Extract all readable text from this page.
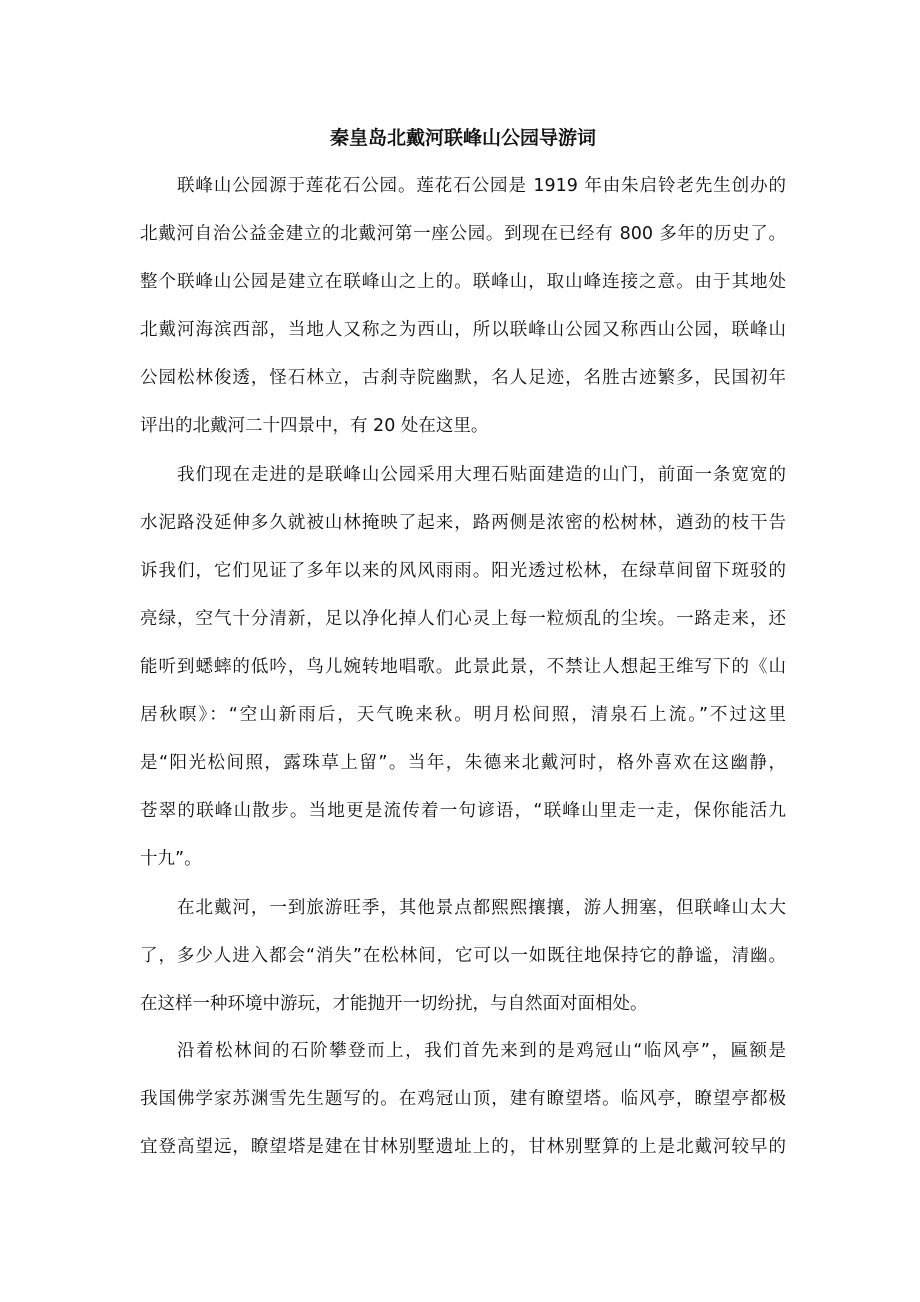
秦皇岛北戴河联峰山公园导游词
联峰山公园源于莲花石公园。莲花石公园是 1919 年由朱启铃老先生创办的
北戴河自治公益金建立的北戴河第一座公园。到现在已经有 800 多年的历史了。
整个联峰山公园是建立在联峰山之上的。联峰山，取山峰连接之意。由于其地处
北戴河海滨西部，当地人又称之为西山，所以联峰山公园又称西山公园，联峰山
公园松林俊透，怪石林立，古刹寺院幽默，名人足迹，名胜古迹繁多，民国初年
评出的北戴河二十四景中，有 20 处在这里。
我们现在走进的是联峰山公园采用大理石贴面建造的山门，前面一条宽宽的
水泥路没延伸多久就被山林掩映了起来，路两侧是浓密的松树林，遒劲的枝干告
诉我们，它们见证了多年以来的风风雨雨。阳光透过松林，在绿草间留下斑驳的
亮绿，空气十分清新，足以净化掉人们心灵上每一粒烦乱的尘埃。一路走来，还
能听到蟋蟀的低吟，鸟儿婉转地唱歌。此景此景，不禁让人想起王维写下的《山
居秋暝》：“空山新雨后，天气晚来秋。明月松间照，清泉石上流。”不过这里
是“阳光松间照，露珠草上留”。当年，朱德来北戴河时，格外喜欢在这幽静，
苍翠的联峰山散步。当地更是流传着一句谚语，“联峰山里走一走，保你能活九
十九”。
在北戴河，一到旅游旺季，其他景点都熙熙攘攘，游人拥塞，但联峰山太大
了，多少人进入都会“消失”在松林间，它可以一如既往地保持它的静谧，清幽。
在这样一种环境中游玩，才能抛开一切纷扰，与自然面对面相处。
沿着松林间的石阶攀登而上，我们首先来到的是鸡冠山“临风亭”，匾额是
我国佛学家苏渊雪先生题写的。在鸡冠山顶，建有瞭望塔。临风亭，瞭望亭都极
宜登高望远，瞭望塔是建在甘林别墅遗址上的，甘林别墅算的上是北戴河较早的
